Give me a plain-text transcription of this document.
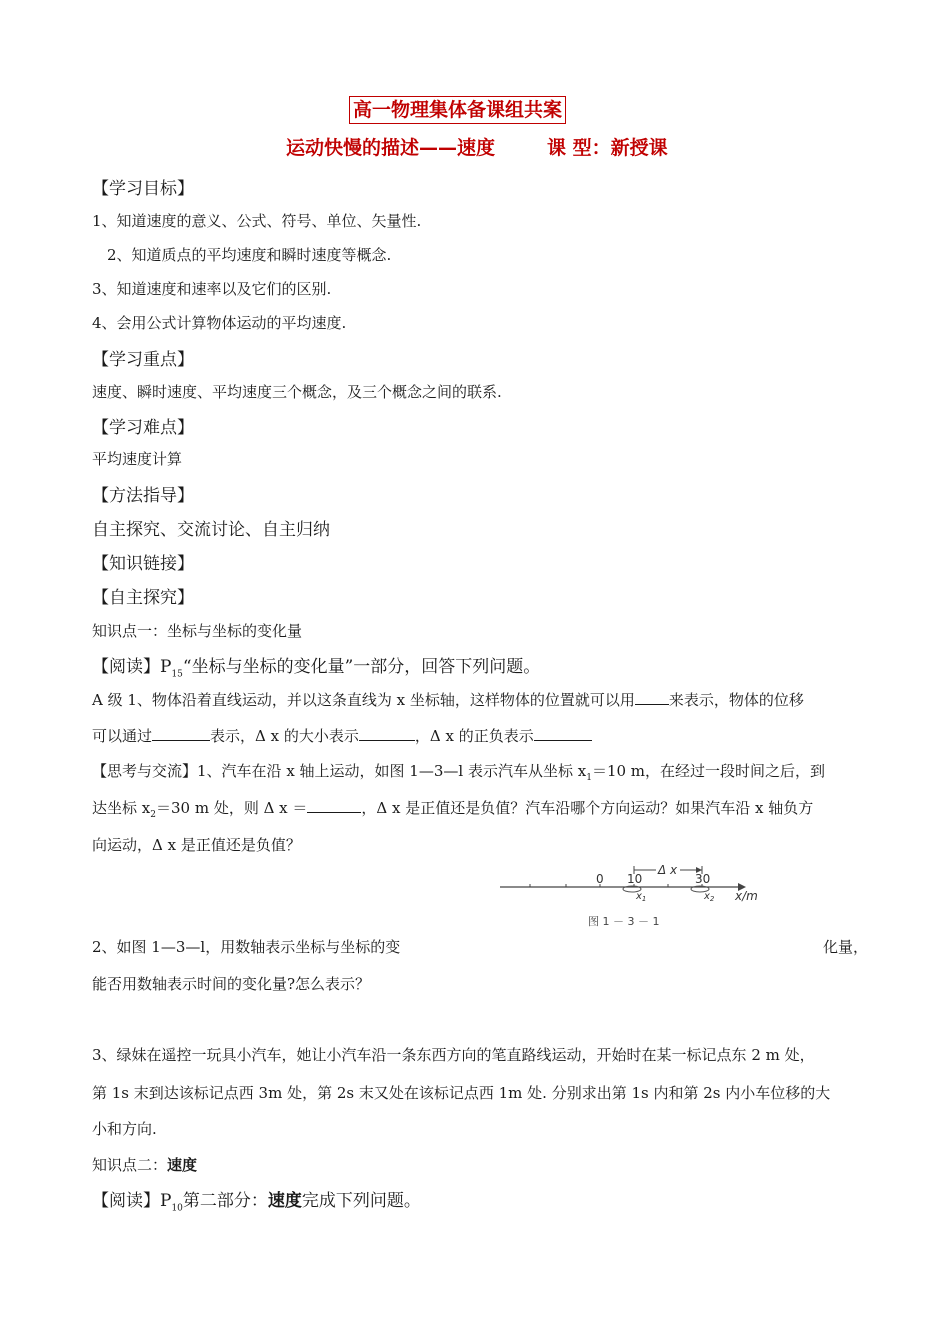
高一物理集体备课组共案
运动快慢的描述——速度	课 型：新授课
【学习目标】
1、知道速度的意义、公式、符号、单位、矢量性.
2、知道质点的平均速度和瞬时速度等概念.
3、知道速度和速率以及它们的区别.
4、会用公式计算物体运动的平均速度.
【学习重点】
速度、瞬时速度、平均速度三个概念，及三个概念之间的联系.
【学习难点】
平均速度计算
【方法指导】
自主探究、交流讨论、自主归纳
【知识链接】
【自主探究】
知识点一：坐标与坐标的变化量
【阅读】$P_{15}“$坐标与坐标的变化量”一部分，回答下列问题。
A 级 1、物体沿着直线运动，并以这条直线为 x 坐标轴，这样物体的位置就可以用 来表示，物体的位移
可以通过	表示，Δ x 的大小表示	，Δ x 的正负表示
【思考与交流】1、汽车在沿 x 轴上运动，如图 1—3—l 表示汽车从坐标 $x_1=10$ m，在经过一段时间之后，到
达坐标 $x_2=30$ m 处，则 Δ x ＝	，Δ x 是正值还是负值？汽车沿哪个方向运动？如果汽车沿 x 轴负方
向运动，Δ x 是正值还是负值？
0 10	30
Δ x
$x_1$	$x_2$ x/m
图 1 － 3 － 1
2、如图 1—3—l，用数轴表示坐标与坐标的变	化量，
能否用数轴表示时间的变化量?怎么表示？
3、绿妹在遥控一玩具小汽车，她让小汽车沿一条东西方向的笔直路线运动，开始时在某一标记点东 2 m 处，
第 1s 末到达该标记点西 3m 处，第 2s 末又处在该标记点西 1m 处. 分别求出第 1s 内和第 2s 内小车位移的大
小和方向.
知识点二：速度
【阅读】$P_{10}$第二部分：速度完成下列问题。
